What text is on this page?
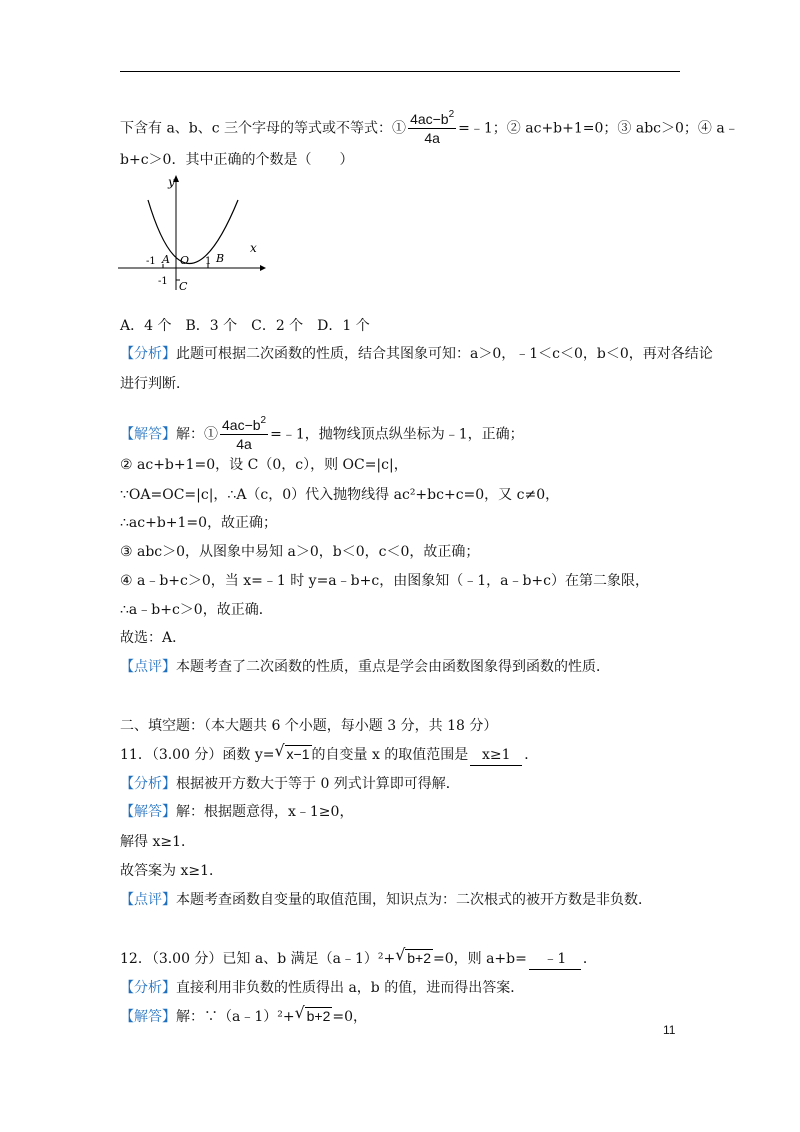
下含有 a、b、c 三个字母的等式或不等式：① $\frac{4ac-b^2}{4a}$ =﹣1；② ac+b+1=0；③ abc＞0；④ a﹣
b+c＞0．其中正确的个数是（　　）
y
x
A	B
C
O
-1	1
-1
A．4 个　B．3 个　C．2 个　D．1 个
【分析】此题可根据二次函数的性质，结合其图象可知：a＞0，﹣1＜c＜0，b＜0，再对各结论
进行判断．
【解答】解：① $\frac{4ac-b^2}{4a}$ =﹣1，抛物线顶点纵坐标为﹣1，正确；
② ac+b+1=0，设 C（0，c），则 OC=|c|，
∵OA=OC=|c|，∴A（c，0）代入抛物线得 ac²+bc+c=0，又 c≠0，
∴ac+b+1=0，故正确；
③ abc＞0，从图象中易知 a＞0，b＜0，c＜0，故正确；
④ a﹣b+c＞0，当 x=﹣1 时 y=a﹣b+c，由图象知（﹣1，a﹣b+c）在第二象限，
∴a﹣b+c＞0，故正确．
故选：A．
【点评】本题考查了二次函数的性质，重点是学会由函数图象得到函数的性质．
二、填空题：（本大题共 6 个小题，每小题 3 分，共 18 分）
11．（3.00 分）函数 y= √ x−1 的自变量 x 的取值范围是 x≥1 ．
【分析】根据被开方数大于等于 0 列式计算即可得解．
【解答】解：根据题意得，x﹣1≥0，
解得 x≥1．
故答案为 x≥1．
【点评】本题考查函数自变量的取值范围，知识点为：二次根式的被开方数是非负数．
12．（3.00 分）已知 a、b 满足（a﹣1）²+ √ b+2 =0，则 a+b= ﹣1 ．
【分析】直接利用非负数的性质得出 a，b 的值，进而得出答案．
【解答】解：∵（a﹣1）²+ √ b+2 =0，
11
